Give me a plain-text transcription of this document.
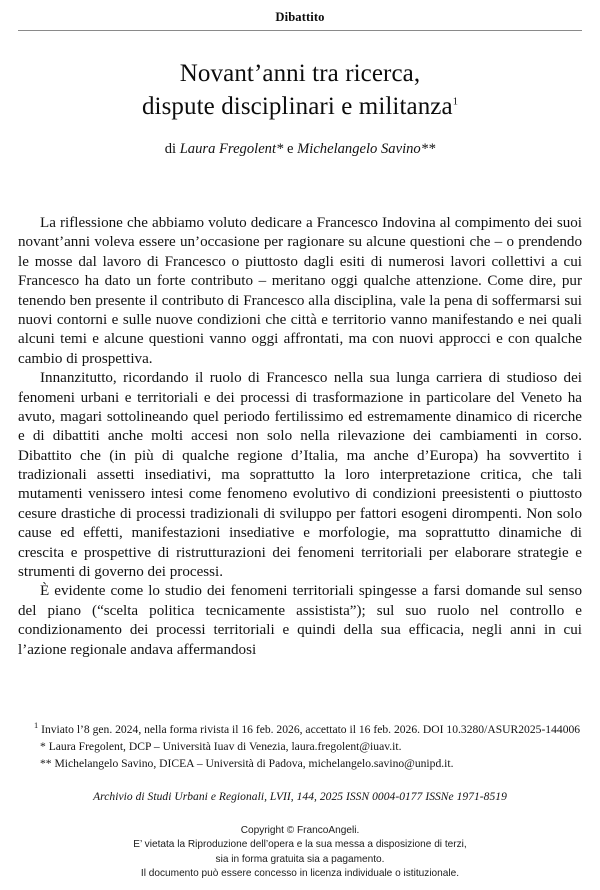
Dibattito
Novant’anni tra ricerca,
dispute disciplinari e militanza$^1$
di Laura Fregolent* e Michelangelo Savino**

La riflessione che abbiamo voluto dedicare a Francesco Indovina al compimento dei suoi novant’anni voleva essere un’occasione per ragionare su alcune questioni che – o prendendo le mosse dal lavoro di Francesco o piuttosto dagli esiti di numerosi lavori collettivi a cui Francesco ha dato un forte contributo – meritano oggi qualche attenzione. Come dire, pur tenendo ben presente il contributo di Francesco alla disciplina, vale la pena di soffermarsi sui nuovi contorni e sulle nuove condizioni che città e territorio vanno manifestando e nei quali alcuni temi e alcune questioni vanno oggi affrontati, ma con nuovi approcci e con qualche cambio di prospettiva.

Innanzitutto, ricordando il ruolo di Francesco nella sua lunga carriera di studioso dei fenomeni urbani e territoriali e dei processi di trasformazione in particolare del Veneto ha avuto, magari sottolineando quel periodo fertilissimo ed estremamente dinamico di ricerche e di dibattiti anche molti accesi non solo nella rilevazione dei cambiamenti in corso. Dibattito che (in più di qualche regione d’Italia, ma anche d’Europa) ha sovvertito i tradizionali assetti insediativi, ma soprattutto la loro interpretazione critica, che tali mutamenti venissero intesi come fenomeno evolutivo di condizioni preesistenti o piuttosto cesure drastiche di processi tradizionali di sviluppo per fattori esogeni dirompenti. Non solo cause ed effetti, manifestazioni insediative e morfologie, ma soprattutto dinamiche di crescita e prospettive di ristrutturazioni dei fenomeni territoriali per elaborare strategie e strumenti di governo dei processi.

È evidente come lo studio dei fenomeni territoriali spingesse a farsi domande sul senso del piano (“scelta politica tecnicamente assistista”); sul suo ruolo nel controllo e condizionamento dei processi territoriali e quindi della sua efficacia, negli anni in cui l’azione regionale andava affermandosi

$^1$ Inviato l’8 gen. 2024, nella forma rivista il 16 feb. 2026, accettato il 16 feb. 2026. DOI 10.3280/ASUR2025-144006

* Laura Fregolent, DCP – Università Iuav di Venezia, laura.fregolent@iuav.it.

** Michelangelo Savino, DICEA – Università di Padova, michelangelo.savino@unipd.it.

Archivio di Studi Urbani e Regionali, LVII, 144, 2025 ISSN 0004-0177 ISSNe 1971-8519
Copyright © FrancoAngeli.
E’ vietata la Riproduzione dell’opera e la sua messa a disposizione di terzi,
sia in forma gratuita sia a pagamento.
Il documento può essere concesso in licenza individuale o istituzionale.
